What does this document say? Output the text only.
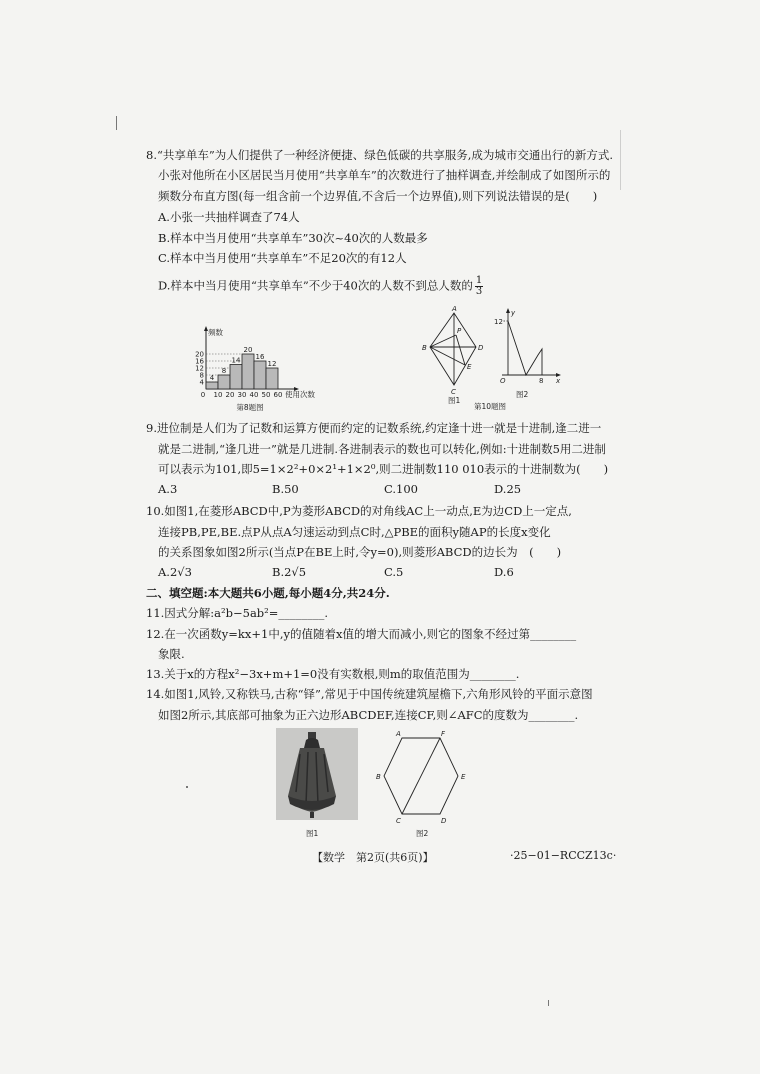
8.“共享单车”为人们提供了一种经济便捷、绿色低碳的共享服务,成为城市交通出行的新方式.
小张对他所在小区居民当月使用“共享单车”的次数进行了抽样调查,并绘制成了如图所示的
频数分布直方图(每一组含前一个边界值,不含后一个边界值),则下列说法错误的是(　　)
A.小张一共抽样调查了74人
B.样本中当月使用“共享单车”30次~40次的人数最多
C.样本中当月使用“共享单车”不足20次的有12人
D.样本中当月使用“共享单车”不少于40次的人数不到总人数的 $\frac{1}{3}$
4
8
12
16
20
频数
4
8
14
20
16
12
0 10 20 30 40 50 60 使用次数
第8题图
A
B
C
D
E
P
图1
12
y
O	8 x
图2
第10题图
9.进位制是人们为了记数和运算方便而约定的记数系统,约定逢十进一就是十进制,逢二进一
就是二进制,“逢几进一”就是几进制.各进制表示的数也可以转化,例如:十进制数5用二进制
可以表示为101,即5=1×2²+0×2¹+1×2⁰,则二进制数110 010表示的十进制数为(　　)
A.3	B.50	C.100	D.25
10.如图1,在菱形ABCD中,P为菱形ABCD的对角线AC上一动点,E为边CD上一定点,
连接PB,PE,BE.点P从点A匀速运动到点C时,△PBE的面积y随AP的长度x变化
的关系图象如图2所示(当点P在BE上时,令y=0),则菱形ABCD的边长为　(　　)
A.2√3	B.2√5	C.5	D.6
二、填空题:本大题共6小题,每小题4分,共24分.
11.因式分解:a²b−5ab²=________.
12.在一次函数y=kx+1中,y的值随着x值的增大而减小,则它的图象不经过第________
象限.
13.关于x的方程x²−3x+m+1=0没有实数根,则m的取值范围为________.
14.如图1,风铃,又称铁马,古称“铎”,常见于中国传统建筑屋檐下,六角形风铃的平面示意图
如图2所示,其底部可抽象为正六边形ABCDEF,连接CF,则∠AFC的度数为________.
图1
A
B
C	D
E
F
图2
【数学　第2页(共6页)】	·25−01−RCCZ13c·
